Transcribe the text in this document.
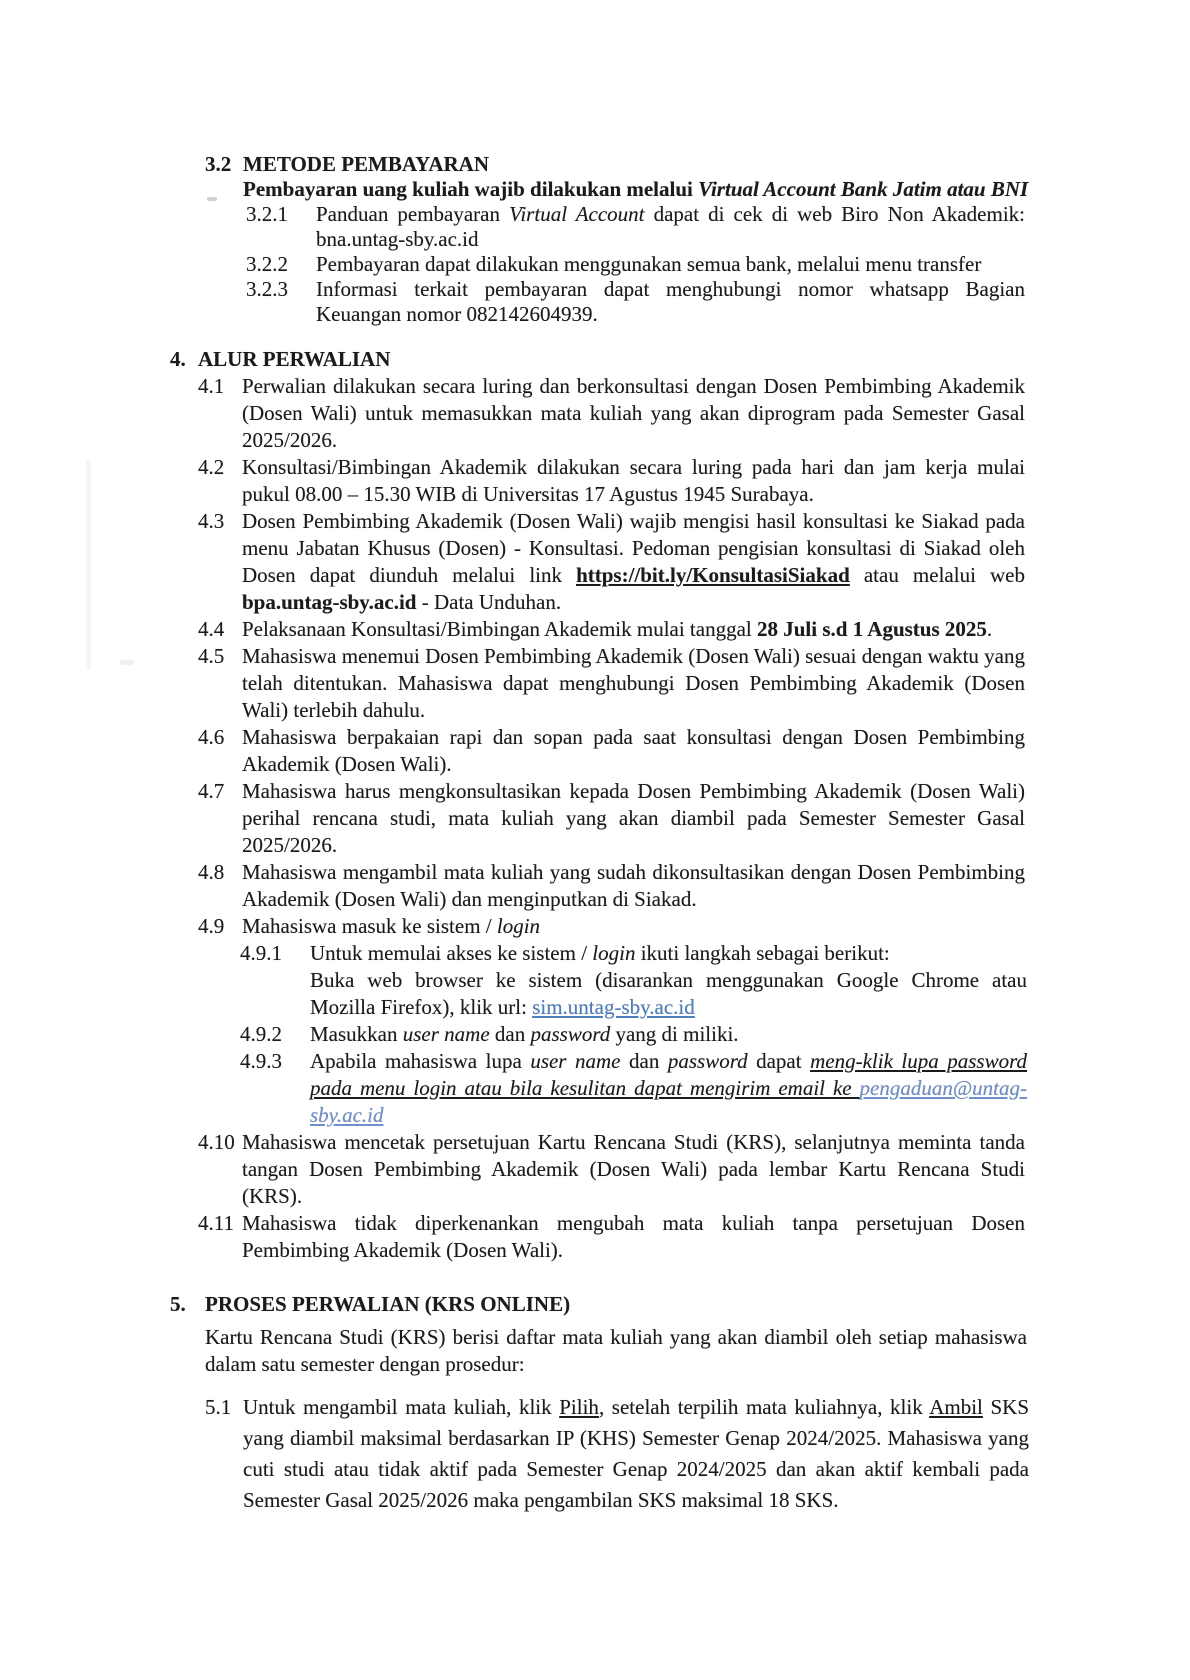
3.2 METODE PEMBAYARAN
Pembayaran uang kuliah wajib dilakukan melalui Virtual Account Bank Jatim atau BNI
3.2.1 Panduan pembayaran Virtual Account dapat di cek di web Biro Non Akademik: bna.untag-sby.ac.id
3.2.2 Pembayaran dapat dilakukan menggunakan semua bank, melalui menu transfer
3.2.3 Informasi terkait pembayaran dapat menghubungi nomor whatsapp Bagian Keuangan nomor 082142604939.
4. ALUR PERWALIAN
4.1 Perwalian dilakukan secara luring dan berkonsultasi dengan Dosen Pembimbing Akademik (Dosen Wali) untuk memasukkan mata kuliah yang akan diprogram pada Semester Gasal 2025/2026.
4.2 Konsultasi/Bimbingan Akademik dilakukan secara luring pada hari dan jam kerja mulai pukul 08.00 – 15.30 WIB di Universitas 17 Agustus 1945 Surabaya.
4.3 Dosen Pembimbing Akademik (Dosen Wali) wajib mengisi hasil konsultasi ke Siakad pada menu Jabatan Khusus (Dosen) - Konsultasi. Pedoman pengisian konsultasi di Siakad oleh Dosen dapat diunduh melalui link https://bit.ly/KonsultasiSiakad atau melalui web bpa.untag-sby.ac.id - Data Unduhan.
4.4 Pelaksanaan Konsultasi/Bimbingan Akademik mulai tanggal 28 Juli s.d 1 Agustus 2025.
4.5 Mahasiswa menemui Dosen Pembimbing Akademik (Dosen Wali) sesuai dengan waktu yang telah ditentukan. Mahasiswa dapat menghubungi Dosen Pembimbing Akademik (Dosen Wali) terlebih dahulu.
4.6 Mahasiswa berpakaian rapi dan sopan pada saat konsultasi dengan Dosen Pembimbing Akademik (Dosen Wali).
4.7 Mahasiswa harus mengkonsultasikan kepada Dosen Pembimbing Akademik (Dosen Wali) perihal rencana studi, mata kuliah yang akan diambil pada Semester Semester Gasal 2025/2026.
4.8 Mahasiswa mengambil mata kuliah yang sudah dikonsultasikan dengan Dosen Pembimbing Akademik (Dosen Wali) dan menginputkan di Siakad.
4.9 Mahasiswa masuk ke sistem / login
4.9.1 Untuk memulai akses ke sistem / login ikuti langkah sebagai berikut:
Buka web browser ke sistem (disarankan menggunakan Google Chrome atau Mozilla Firefox), klik url: sim.untag-sby.ac.id
4.9.2 Masukkan user name dan password yang di miliki.
4.9.3 Apabila mahasiswa lupa user name dan password dapat meng-klik lupa password pada menu login atau bila kesulitan dapat mengirim email ke pengaduan@untag-sby.ac.id
4.10 Mahasiswa mencetak persetujuan Kartu Rencana Studi (KRS), selanjutnya meminta tanda tangan Dosen Pembimbing Akademik (Dosen Wali) pada lembar Kartu Rencana Studi (KRS).
4.11 Mahasiswa tidak diperkenankan mengubah mata kuliah tanpa persetujuan Dosen Pembimbing Akademik (Dosen Wali).
5. PROSES PERWALIAN (KRS ONLINE)
Kartu Rencana Studi (KRS) berisi daftar mata kuliah yang akan diambil oleh setiap mahasiswa dalam satu semester dengan prosedur:
5.1 Untuk mengambil mata kuliah, klik Pilih, setelah terpilih mata kuliahnya, klik Ambil SKS yang diambil maksimal berdasarkan IP (KHS) Semester Genap 2024/2025. Mahasiswa yang cuti studi atau tidak aktif pada Semester Genap 2024/2025 dan akan aktif kembali pada Semester Gasal 2025/2026 maka pengambilan SKS maksimal 18 SKS.
